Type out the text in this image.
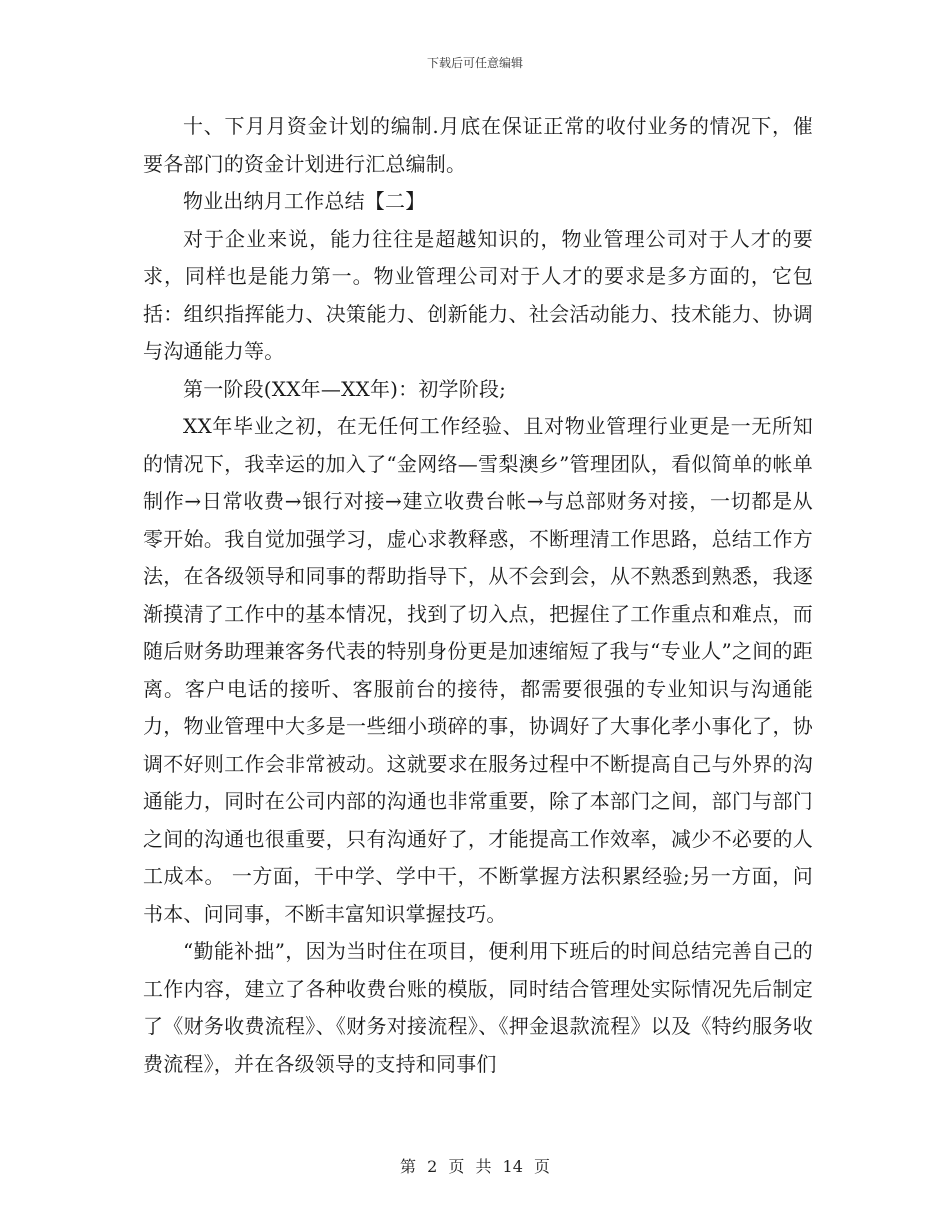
下载后可任意编辑

十、下月月资金计划的编制.月底在保证正常的收付业务的情况下，催要各部门的资金计划进行汇总编制。

物业出纳月工作总结【二】

对于企业来说，能力往往是超越知识的，物业管理公司对于人才的要求，同样也是能力第一。物业管理公司对于人才的要求是多方面的，它包括：组织指挥能力、决策能力、创新能力、社会活动能力、技术能力、协调与沟通能力等。

第一阶段(XX年—XX年)：初学阶段;

XX年毕业之初，在无任何工作经验、且对物业管理行业更是一无所知的情况下，我幸运的加入了“金网络—雪梨澳乡”管理团队，看似简单的帐单制作→日常收费→银行对接→建立收费台帐→与总部财务对接，一切都是从零开始。我自觉加强学习，虚心求教释惑，不断理清工作思路，总结工作方法，在各级领导和同事的帮助指导下，从不会到会，从不熟悉到熟悉，我逐渐摸清了工作中的基本情况，找到了切入点，把握住了工作重点和难点，而随后财务助理兼客务代表的特别身份更是加速缩短了我与“专业人”之间的距离。客户电话的接听、客服前台的接待，都需要很强的专业知识与沟通能力，物业管理中大多是一些细小琐碎的事，协调好了大事化孝小事化了，协调不好则工作会非常被动。这就要求在服务过程中不断提高自己与外界的沟通能力，同时在公司内部的沟通也非常重要，除了本部门之间，部门与部门之间的沟通也很重要，只有沟通好了，才能提高工作效率，减少不必要的人工成本。 一方面，干中学、学中干，不断掌握方法积累经验;另一方面，问书本、问同事，不断丰富知识掌握技巧。

“勤能补拙”，因为当时住在项目，便利用下班后的时间总结完善自己的工作内容，建立了各种收费台账的模版，同时结合管理处实际情况先后制定了《财务收费流程》、《财务对接流程》、《押金退款流程》以及《特约服务收费流程》，并在各级领导的支持和同事们

第 2 页 共 14 页
